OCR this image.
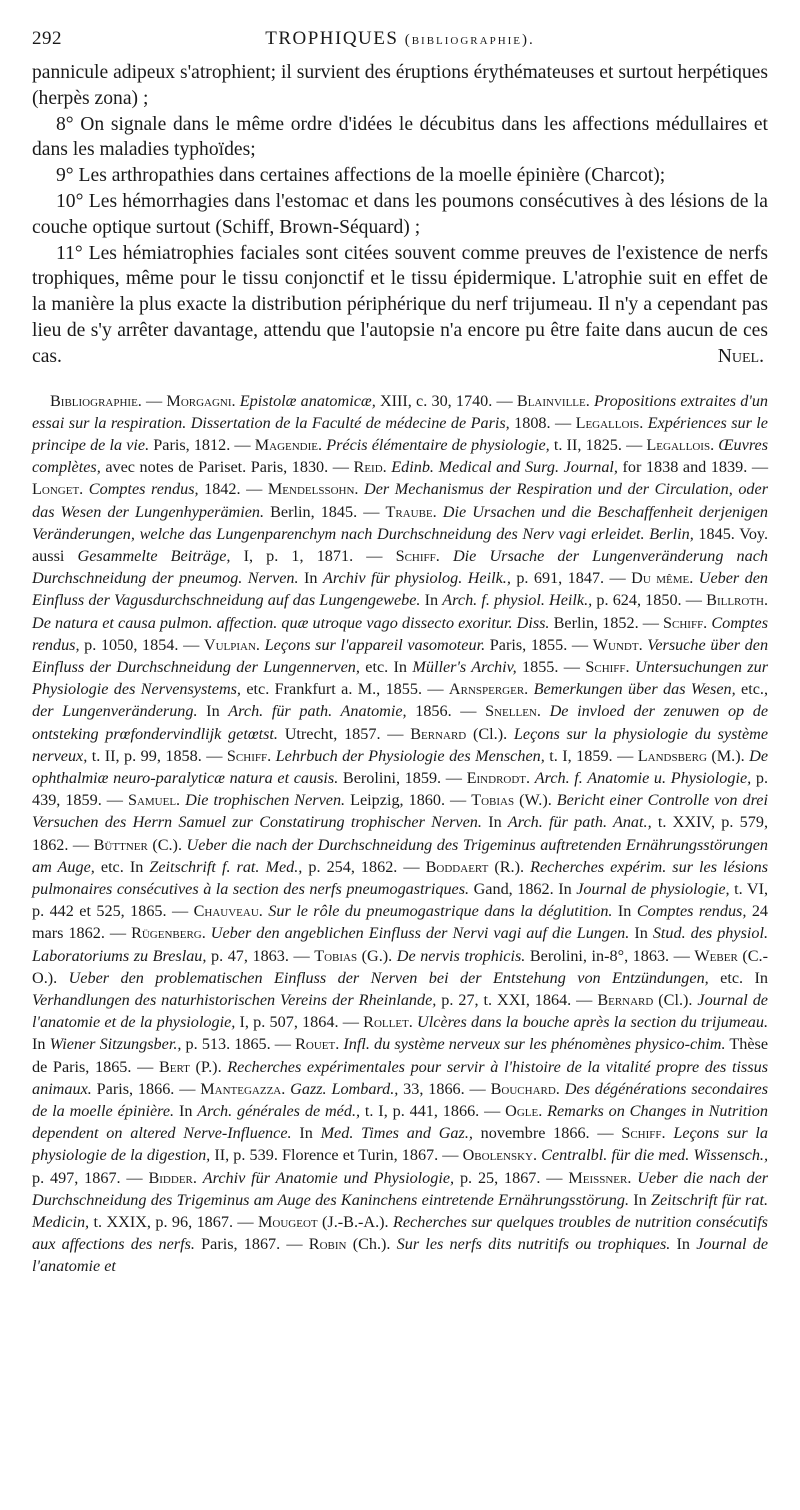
292	TROPHIQUES (bibliographie).

pannicule adipeux s'atrophient; il survient des éruptions érythémateuses et surtout herpétiques (herpès zona) ;

8° On signale dans le même ordre d'idées le décubitus dans les affections médullaires et dans les maladies typhoïdes;

9° Les arthropathies dans certaines affections de la moelle épinière (Charcot);

10° Les hémorrhagies dans l'estomac et dans les poumons consécutives à des lésions de la couche optique surtout (Schiff, Brown-Séquard) ;

11° Les hémiatrophies faciales sont citées souvent comme preuves de l'existence de nerfs trophiques, même pour le tissu conjonctif et le tissu épidermique. L'atrophie suit en effet de la manière la plus exacte la distribution périphérique du nerf trijumeau. Il n'y a cependant pas lieu de s'y arrêter davantage, attendu que l'autopsie n'a encore pu être faite dans aucun de ces cas.	Nuel.

Bibliographie. — Morgagni. Epistolæ anatomicæ, XIII, c. 30, 1740. — Blainville. Propositions extraites d'un essai sur la respiration. Dissertation de la Faculté de médecine de Paris, 1808. — Legallois. Expériences sur le principe de la vie. Paris, 1812. — Magendie. Précis élémentaire de physiologie, t. II, 1825. — Legallois. Œuvres complètes, avec notes de Pariset. Paris, 1830. — Reid. Edinb. Medical and Surg. Journal, for 1838 and 1839. — Longet. Comptes rendus, 1842. — Mendelssohn. Der Mechanismus der Respiration und der Circulation, oder das Wesen der Lungenhyperämien. Berlin, 1845. — Traube. Die Ursachen und die Beschaffenheit derjenigen Veränderungen, welche das Lungenparenchym nach Durchschneidung des Nerv vagi erleidet. Berlin, 1845. Voy. aussi Gesammelte Beiträge, I, p. 1, 1871. — Schiff. Die Ursache der Lungenveränderung nach Durchschneidung der pneumog. Nerven. In Archiv für physiolog. Heilk., p. 691, 1847. — Du même. Ueber den Einfluss der Vagusdurchschneidung auf das Lungengewebe. In Arch. f. physiol. Heilk., p. 624, 1850. — Billroth. De natura et causa pulmon. affection. quæ utroque vago dissecto exoritur. Diss. Berlin, 1852. — Schiff. Comptes rendus, p. 1050, 1854. — Vulpian. Leçons sur l'appareil vasomoteur. Paris, 1855. — Wundt. Versuche über den Einfluss der Durchschneidung der Lungennerven, etc. In Müller's Archiv, 1855. — Schiff. Untersuchungen zur Physiologie des Nervensystems, etc. Frankfurt a. M., 1855. — Arnsperger. Bemerkungen über das Wesen, etc., der Lungenveränderung. In Arch. für path. Anatomie, 1856. — Snellen. De invloed der zenuwen op de ontsteking prœfondervindlijk getœtst. Utrecht, 1857. — Bernard (Cl.). Leçons sur la physiologie du système nerveux, t. II, p. 99, 1858. — Schiff. Lehrbuch der Physiologie des Menschen, t. I, 1859. — Landsberg (M.). De ophthalmiæ neuro-paralyticæ natura et causis. Berolini, 1859. — Eindrodt. Arch. f. Anatomie u. Physiologie, p. 439, 1859. — Samuel. Die trophischen Nerven. Leipzig, 1860. — Tobias (W.). Bericht einer Controlle von drei Versuchen des Herrn Samuel zur Constatirung trophischer Nerven. In Arch. für path. Anat., t. XXIV, p. 579, 1862. — Büttner (C.). Ueber die nach der Durchschneidung des Trigeminus auftretenden Ernährungsstörungen am Auge, etc. In Zeitschrift f. rat. Med., p. 254, 1862. — Boddaert (R.). Recherches expérim. sur les lésions pulmonaires consécutives à la section des nerfs pneumogastriques. Gand, 1862. In Journal de physiologie, t. VI, p. 442 et 525, 1865. — Chauveau. Sur le rôle du pneumogastrique dans la déglutition. In Comptes rendus, 24 mars 1862. — Rügenberg. Ueber den angeblichen Einfluss der Nervi vagi auf die Lungen. In Stud. des physiol. Laboratoriums zu Breslau, p. 47, 1863. — Tobias (G.). De nervis trophicis. Berolini, in-8°, 1863. — Weber (C.-O.). Ueber den problematischen Einfluss der Nerven bei der Entstehung von Entzündungen, etc. In Verhandlungen des naturhistorischen Vereins der Rheinlande, p. 27, t. XXI, 1864. — Bernard (Cl.). Journal de l'anatomie et de la physiologie, I, p. 507, 1864. — Rollet. Ulcères dans la bouche après la section du trijumeau. In Wiener Sitzungsber., p. 513. 1865. — Rouet. Infl. du système nerveux sur les phénomènes physico-chim. Thèse de Paris, 1865. — Bert (P.). Recherches expérimentales pour servir à l'histoire de la vitalité propre des tissus animaux. Paris, 1866. — Mantegazza. Gazz. Lombard., 33, 1866. — Bouchard. Des dégénérations secondaires de la moelle épinière. In Arch. générales de méd., t. I, p. 441, 1866. — Ogle. Remarks on Changes in Nutrition dependent on altered Nerve-Influence. In Med. Times and Gaz., novembre 1866. — Schiff. Leçons sur la physiologie de la digestion, II, p. 539. Florence et Turin, 1867. — Obolensky. Centralbl. für die med. Wissensch., p. 497, 1867. — Bidder. Archiv für Anatomie und Physiologie, p. 25, 1867. — Meissner. Ueber die nach der Durchschneidung des Trigeminus am Auge des Kaninchens eintretende Ernährungsstörung. In Zeitschrift für rat. Medicin, t. XXIX, p. 96, 1867. — Mougeot (J.-B.-A.). Recherches sur quelques troubles de nutrition consécutifs aux affections des nerfs. Paris, 1867. — Robin (Ch.). Sur les nerfs dits nutritifs ou trophiques. In Journal de l'anatomie et
